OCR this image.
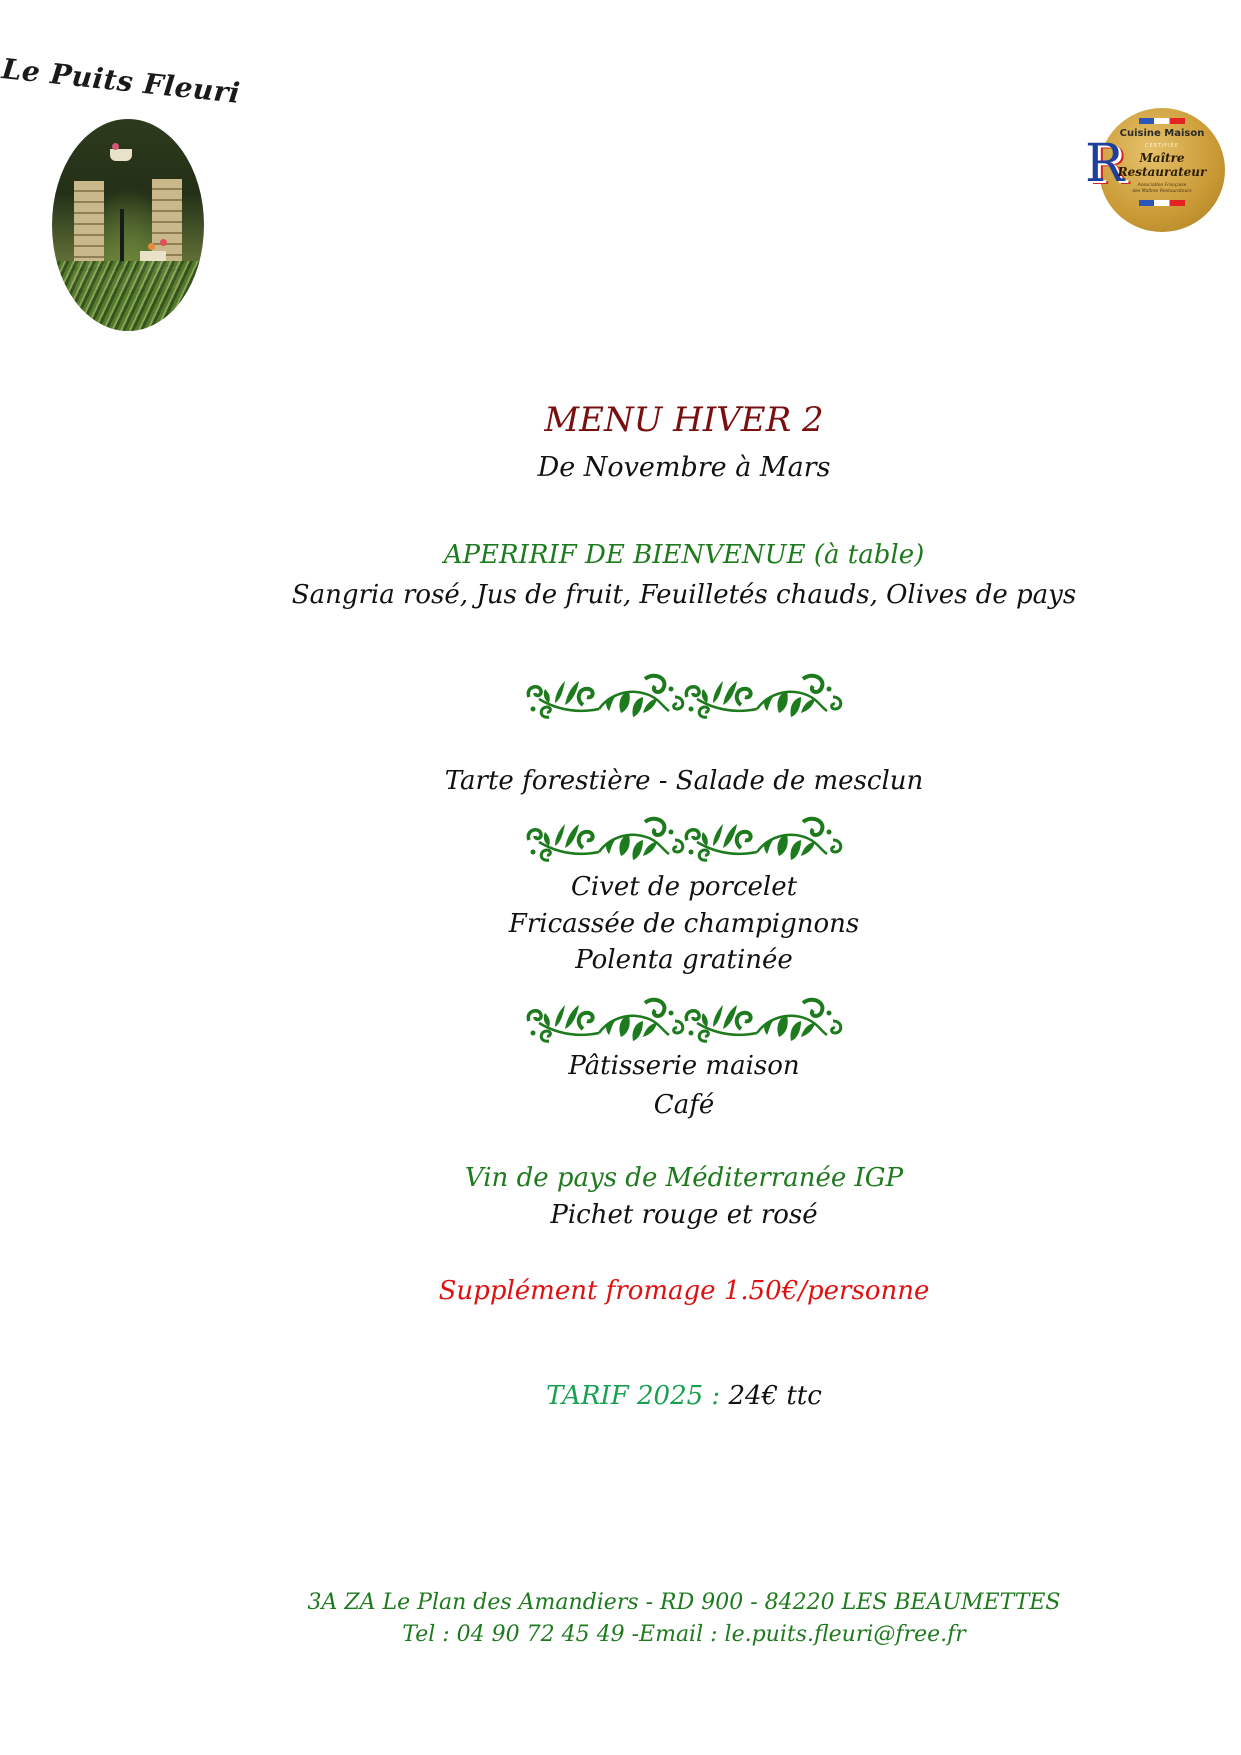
Le Puits Fleuri
R
Cuisine Maison
CERTIFIÉE
Maître
Restaurateur
Association Française
des Maîtres Restaurateurs
MENU HIVER 2
De Novembre à Mars
APERIRIF DE BIENVENUE (à table)
Sangria rosé, Jus de fruit, Feuilletés chauds, Olives de pays
Tarte forestière - Salade de mesclun
Civet de porcelet
Fricassée de champignons
Polenta gratinée
Pâtisserie maison
Café
Vin de pays de Méditerranée IGP
Pichet rouge et rosé
Supplément fromage 1.50€/personne
TARIF 2025 : 24€ ttc
3A ZA Le Plan des Amandiers - RD 900 - 84220 LES BEAUMETTES
Tel : 04 90 72 45 49 -Email : le.puits.fleuri@free.fr
